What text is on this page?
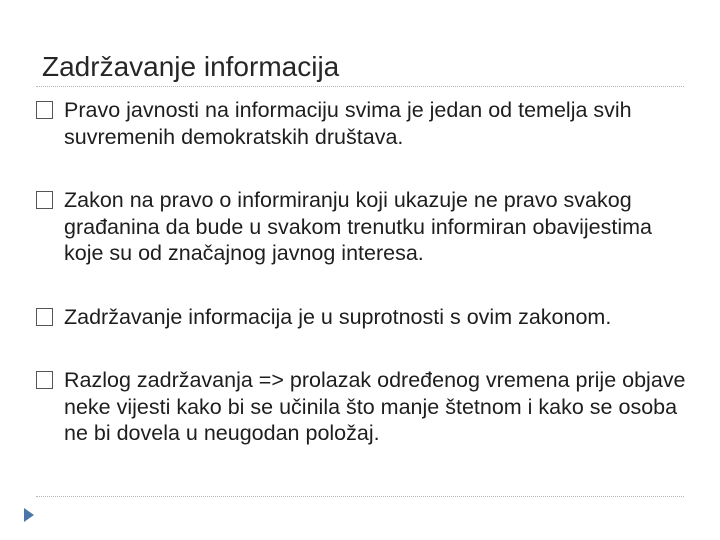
Zadržavanje informacija
Pravo javnosti na informaciju svima je jedan od temelja svih suvremenih demokratskih društava.
Zakon na pravo o informiranju koji ukazuje ne pravo svakog građanina da bude u svakom trenutku informiran obavijestima koje su od značajnog javnog interesa.
Zadržavanje informacija je u suprotnosti s ovim zakonom.
Razlog zadržavanja => prolazak određenog vremena prije objave neke vijesti kako bi se učinila što manje štetnom i kako se osoba ne bi dovela u neugodan položaj.
